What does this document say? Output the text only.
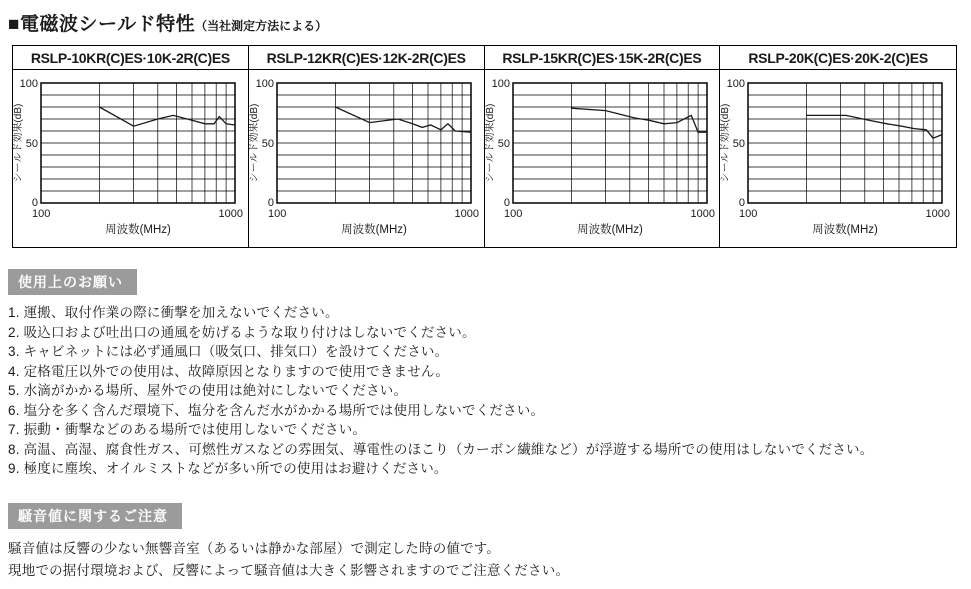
■電磁波シールド特性（当社測定方法による）
RSLP-10KR(C)ES·10K-2R(C)ES
100
50
0
100	1000
周波数(MHz)
シールド効果(dB)
RSLP-12KR(C)ES·12K-2R(C)ES
100
50
0
100	1000
周波数(MHz)
シールド効果(dB)
RSLP-15KR(C)ES·15K-2R(C)ES
100
50
0
100	1000
周波数(MHz)
シールド効果(dB)
RSLP-20K(C)ES·20K-2(C)ES
100
50
0
100	1000
周波数(MHz)
シールド効果(dB)
使用上のお願い
1. 運搬、取付作業の際に衝撃を加えないでください。
2. 吸込口および吐出口の通風を妨げるような取り付けはしないでください。
3. キャビネットには必ず通風口（吸気口、排気口）を設けてください。
4. 定格電圧以外での使用は、故障原因となりますので使用できません。
5. 水滴がかかる場所、屋外での使用は絶対にしないでください。
6. 塩分を多く含んだ環境下、塩分を含んだ水がかかる場所では使用しないでください。
7. 振動・衝撃などのある場所では使用しないでください。
8. 高温、高湿、腐食性ガス、可燃性ガスなどの雰囲気、導電性のほこり（カーボン繊維など）が浮遊する場所での使用はしないでください。
9. 極度に塵埃、オイルミストなどが多い所での使用はお避けください。
騒音値に関するご注意
騒音値は反響の少ない無響音室（あるいは静かな部屋）で測定した時の値です。
現地での据付環境および、反響によって騒音値は大きく影響されますのでご注意ください。
